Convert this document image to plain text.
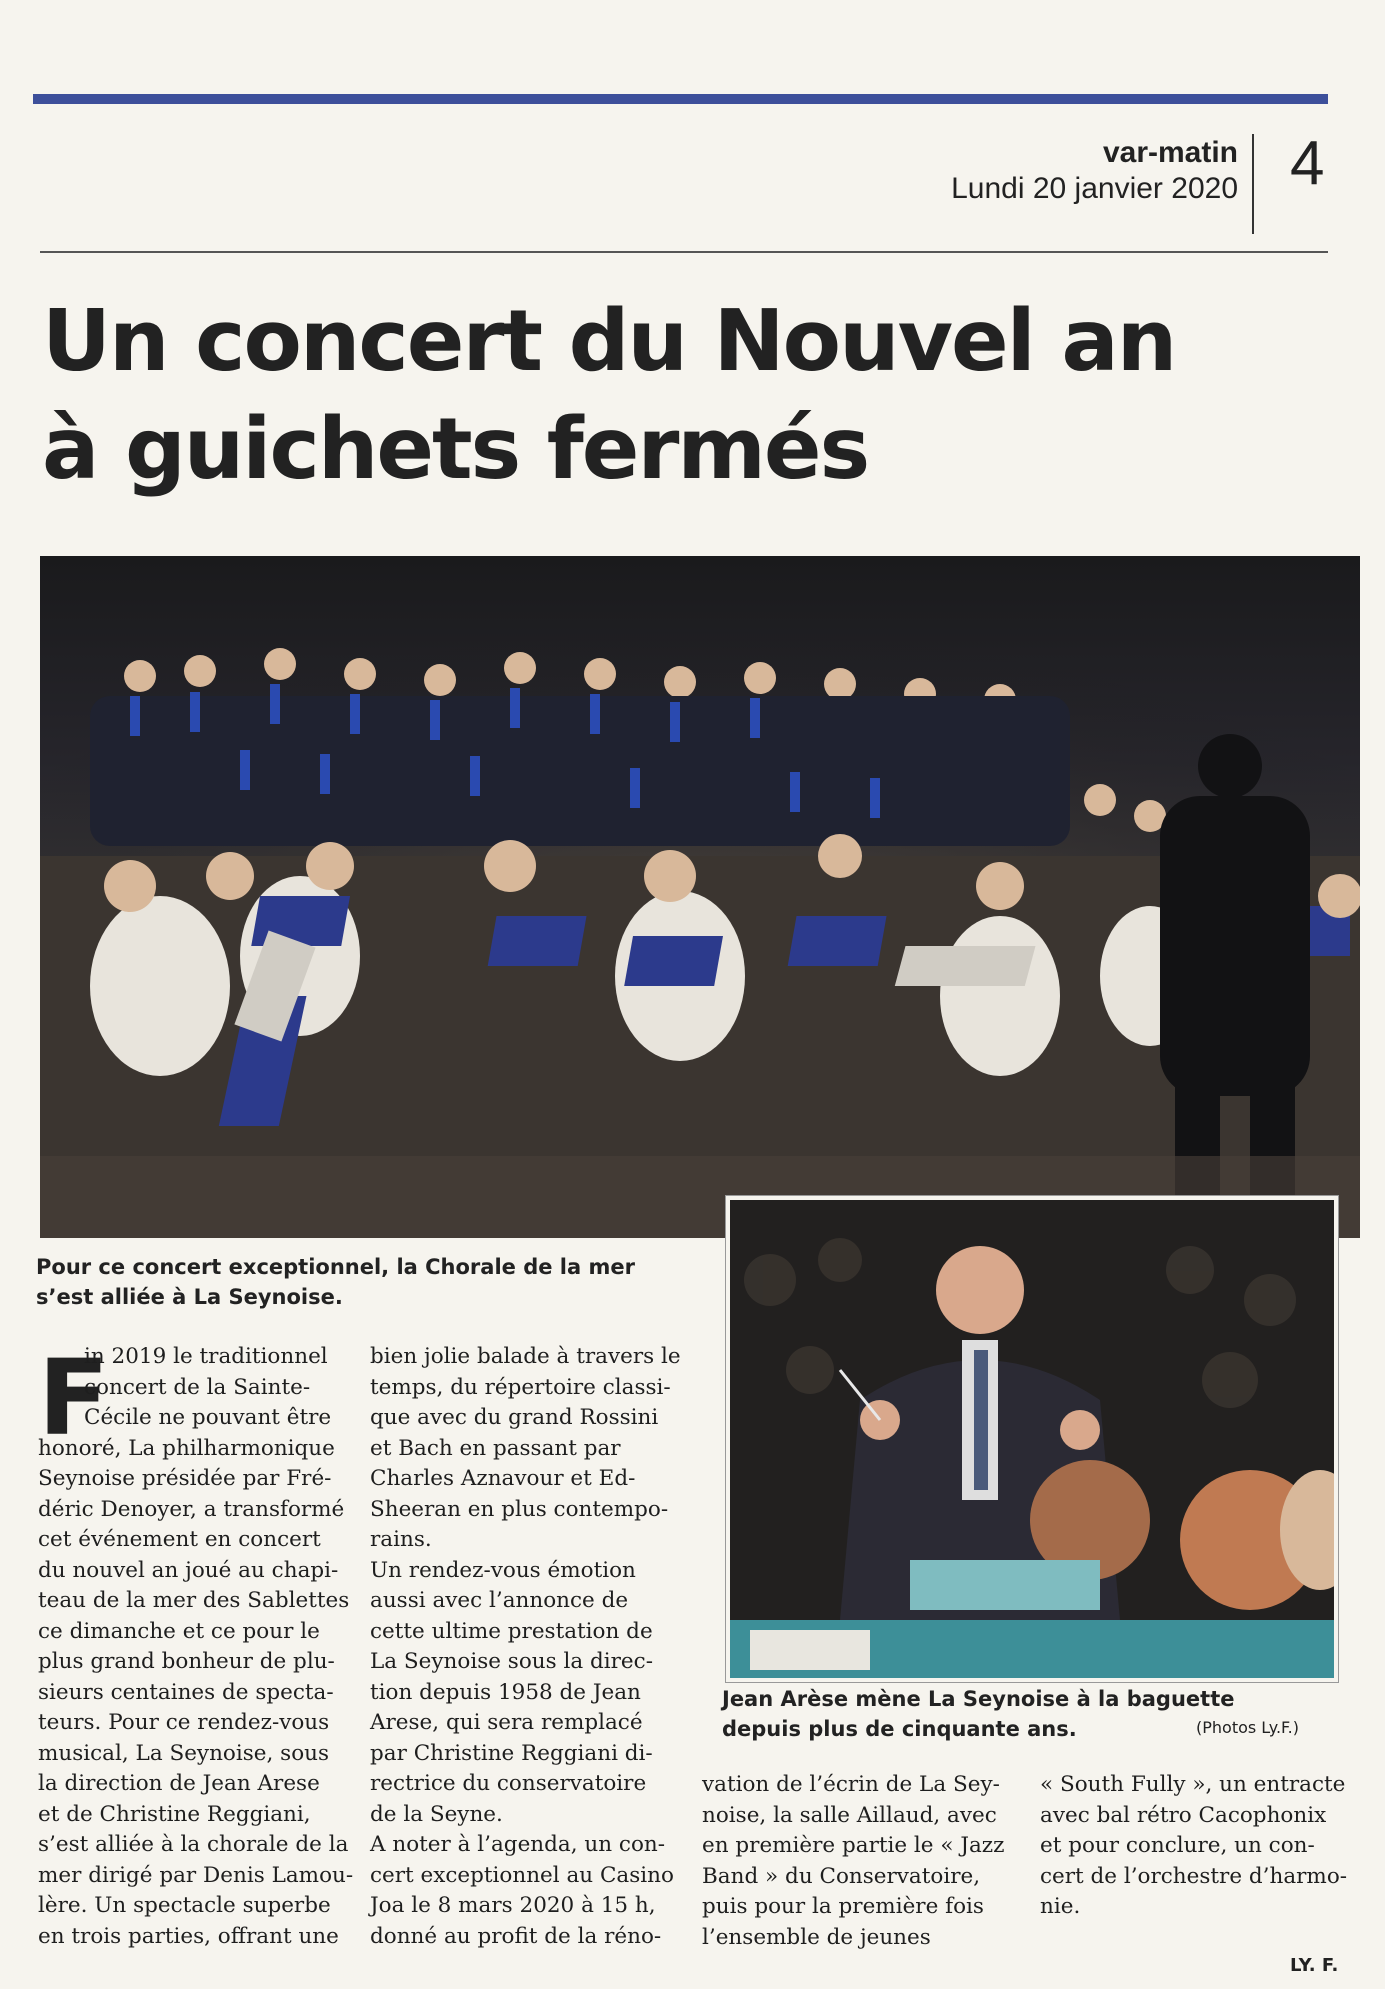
var-matin
Lundi 20 janvier 2020 4
Un concert du Nouvel an
à guichets fermés
Pour ce concert exceptionnel, la Chorale de la mer
s’est alliée à La Seynoise.
Jean Arèse mène La Seynoise à la baguette
depuis plus de cinquante ans.	(Photos Ly.F.)
F
in 2019 le traditionnel
concert de la Sainte-
Cécile ne pouvant être
honoré, La philharmonique
Seynoise présidée par Fré-
déric Denoyer, a transformé
cet événement en concert
du nouvel an joué au chapi-
teau de la mer des Sablettes
ce dimanche et ce pour le
plus grand bonheur de plu-
sieurs centaines de specta-
teurs. Pour ce rendez-vous
musical, La Seynoise, sous
la direction de Jean Arese
et de Christine Reggiani,
s’est alliée à la chorale de la
mer dirigé par Denis Lamou-
lère. Un spectacle superbe
en trois parties, offrant une
bien jolie balade à travers le
temps, du répertoire classi-
que avec du grand Rossini
et Bach en passant par
Charles Aznavour et Ed-
Sheeran en plus contempo-
rains.
Un rendez-vous émotion
aussi avec l’annonce de
cette ultime prestation de
La Seynoise sous la direc-
tion depuis 1958 de Jean
Arese, qui sera remplacé
par Christine Reggiani di-
rectrice du conservatoire
de la Seyne.
A noter à l’agenda, un con-
cert exceptionnel au Casino
Joa le 8 mars 2020 à 15 h,
donné au profit de la réno-
vation de l’écrin de La Sey-
noise, la salle Aillaud, avec
en première partie le « Jazz
Band » du Conservatoire,
puis pour la première fois
l’ensemble de jeunes
« South Fully », un entracte
avec bal rétro Cacophonix
et pour conclure, un con-
cert de l’orchestre d’harmo-
nie.
LY. F.
